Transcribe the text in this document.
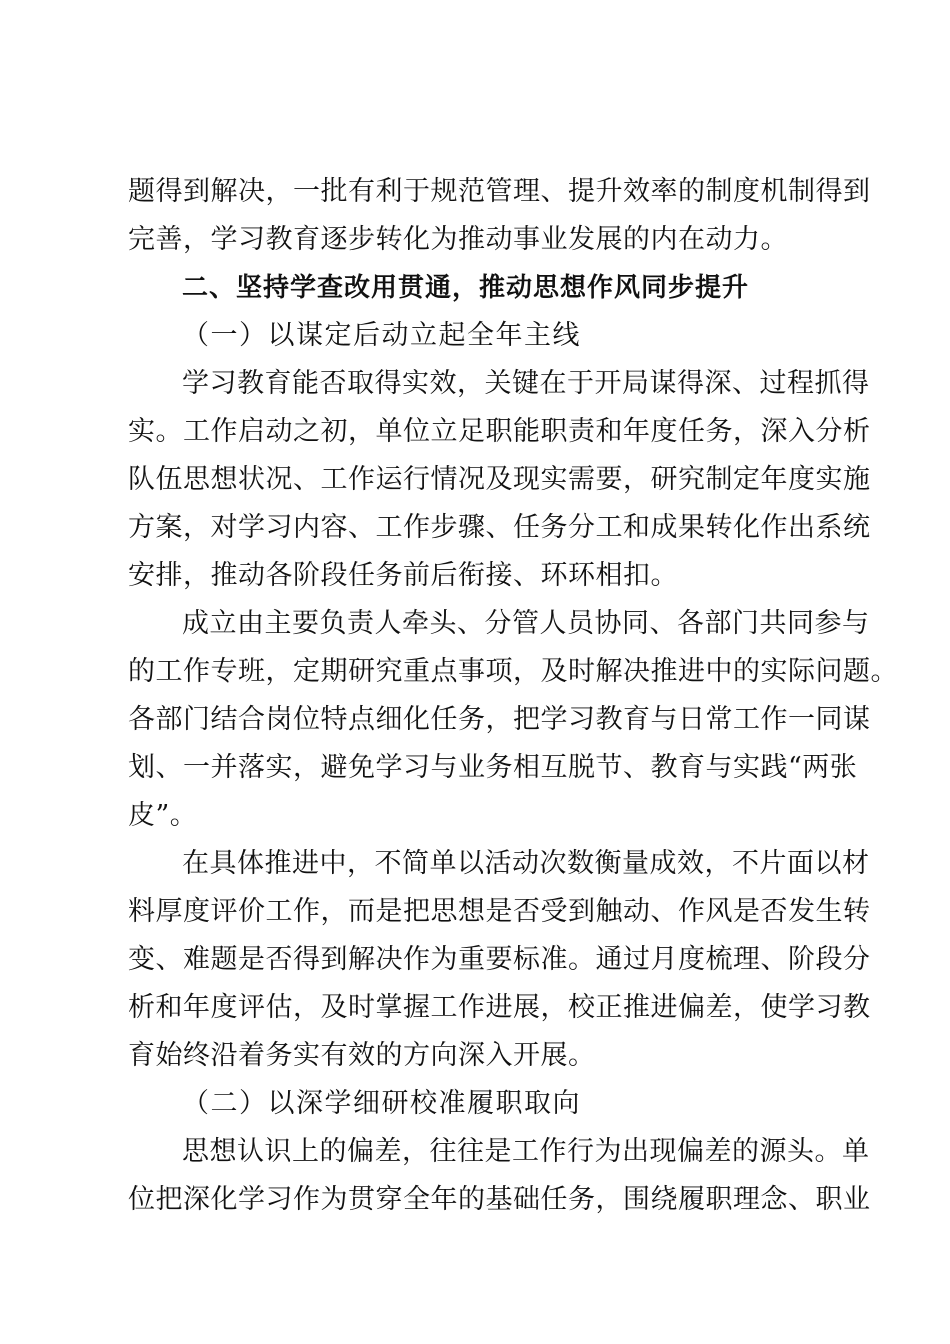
题得到解决，一批有利于规范管理、提升效率的制度机制得到
完善，学习教育逐步转化为推动事业发展的内在动力。
二、坚持学查改用贯通，推动思想作风同步提升
（一）以谋定后动立起全年主线
学习教育能否取得实效，关键在于开局谋得深、过程抓得
实。工作启动之初，单位立足职能职责和年度任务，深入分析
队伍思想状况、工作运行情况及现实需要，研究制定年度实施
方案，对学习内容、工作步骤、任务分工和成果转化作出系统
安排，推动各阶段任务前后衔接、环环相扣。
成立由主要负责人牵头、分管人员协同、各部门共同参与
的工作专班，定期研究重点事项，及时解决推进中的实际问题。
各部门结合岗位特点细化任务，把学习教育与日常工作一同谋
划、一并落实，避免学习与业务相互脱节、教育与实践“两张
皮”。
在具体推进中，不简单以活动次数衡量成效，不片面以材
料厚度评价工作，而是把思想是否受到触动、作风是否发生转
变、难题是否得到解决作为重要标准。通过月度梳理、阶段分
析和年度评估，及时掌握工作进展，校正推进偏差，使学习教
育始终沿着务实有效的方向深入开展。
（二）以深学细研校准履职取向
思想认识上的偏差，往往是工作行为出现偏差的源头。单
位把深化学习作为贯穿全年的基础任务，围绕履职理念、职业
